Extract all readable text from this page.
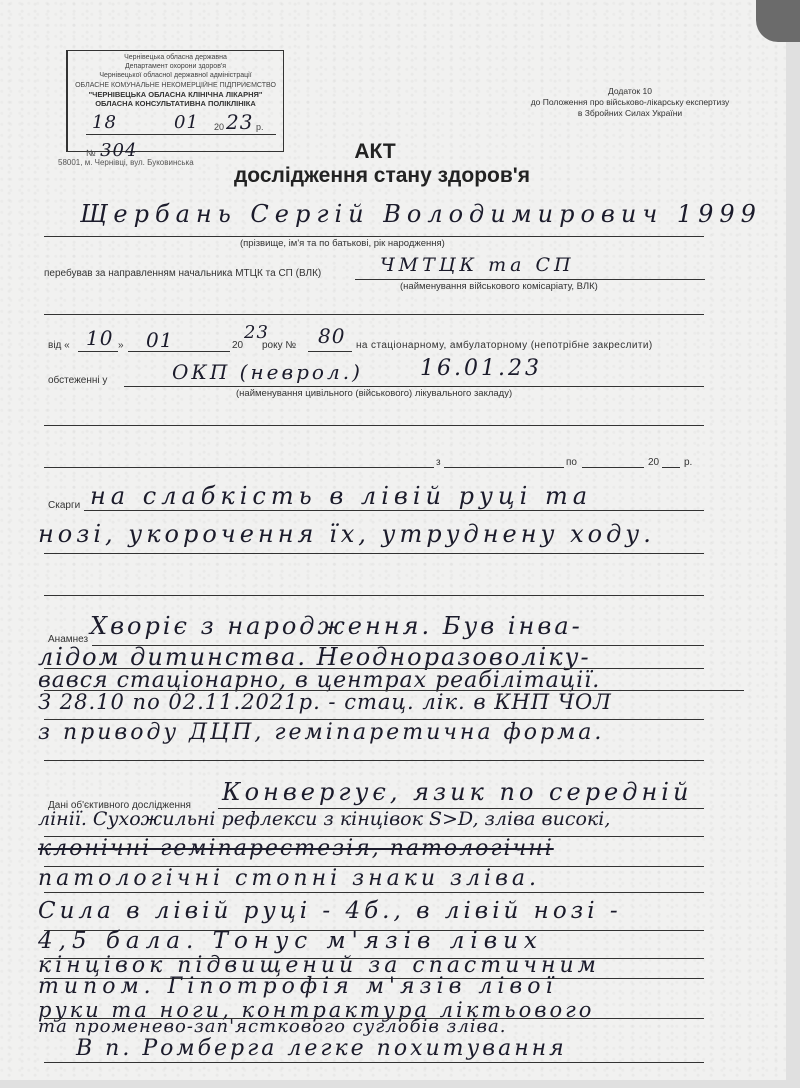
Чернівецька обласна державна
Департамент охорони здоров'я
Чернівецької обласної державної адміністрації
ОБЛАСНЕ КОМУНАЛЬНЕ НЕКОМЕРЦІЙНЕ ПІДПРИЄМСТВО
"ЧЕРНІВЕЦЬКА ОБЛАСНА КЛІНІЧНА ЛІКАРНЯ"
ОБЛАСНА КОНСУЛЬТАТИВНА ПОЛІКЛІНІКА
18	01 20 23 р.
№ 304
58001, м. Чернівці, вул. Буковинська
Додаток 10
до Положення про військово-лікарську експертизу
в Збройних Силах України
АКТ
дослідження стану здоров'я
Щербань Сергій Володимирович 1999
(прізвище, ім'я та по батькові, рік народження)
перебував за направленням начальника МТЦК та СП (ВЛК)	ЧМТЦК та СП
(найменування військового комісаріату, ВЛК)
від « 10 » 01	20
23
року № 80 на стаціонарному, амбулаторному (непотрібне закреслити)
обстеженні у	ОКП (неврол.)	16.01.23
(найменування цивільного (військового) лікувального закладу)
з	по	20 р.
Скарги на слабкість в лівій руці та
нозі, укорочення їх, утруднену ходу.
Анамнез Хворіє з народження. Був інва-
лідом дитинства. Неодноразоволіку-
вався стаціонарно, в центрах реабілітації.
З 28.10 по 02.11.2021р. - стац. лік. в КНП ЧОЛ
з приводу ДЦП, геміпаретична форма.
Дані об'єктивного дослідження Конвергує, язик по середній
лінії. Сухожильні рефлекси з кінцівок S>D, зліва високі,
клонічні геміпарестезія, патологічні
патологічні стопні знаки зліва.
Сила в лівій руці - 4б., в лівій нозі -
4,5 бала. Тонус м'язів лівих
кінцівок підвищений за спастичним
типом. Гіпотрофія м'язів лівої
руки та ноги, контрактура ліктьового
та променево-зап'ясткового суглобів зліва.
В п. Ромберга легке похитування
